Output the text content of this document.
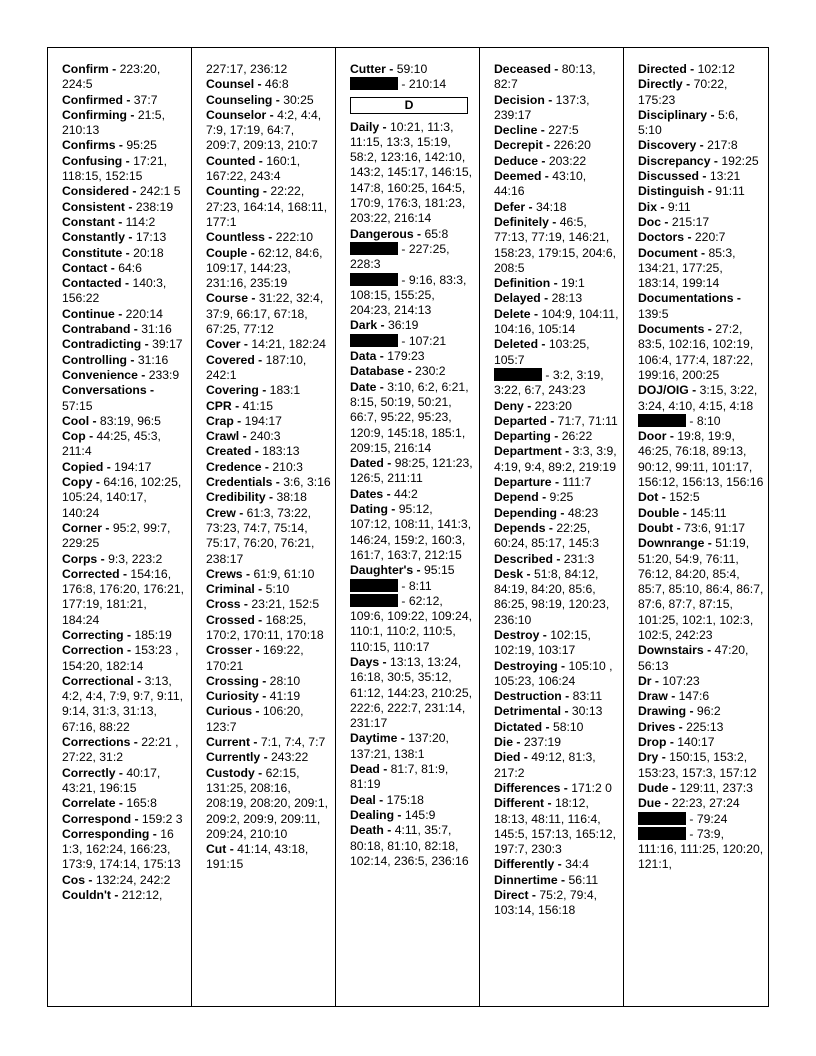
Confirm - 223:20, 224:5
Confirmed - 37:7
Confirming - 21:5, 210:13
Confirms - 95:25
Confusing - 17:21, 118:15, 152:15
Considered - 242:1 5
Consistent - 238:19
Constant - 114:2
Constantly - 17:13
Constitute - 20:18
Contact - 64:6
Contacted - 140:3, 156:22
Continue - 220:14
Contraband - 31:16
Contradicting - 39:17
Controlling - 31:16
Convenience - 233:9
Conversations - 57:15
Cool - 83:19, 96:5
Cop - 44:25, 45:3, 211:4
Copied - 194:17
Copy - 64:16, 102:25, 105:24, 140:17, 140:24
Corner - 95:2, 99:7, 229:25
Corps - 9:3, 223:2
Corrected - 154:16, 176:8, 176:20, 176:21, 177:19, 181:21, 184:24
Correcting - 185:19
Correction - 153:23 , 154:20, 182:14
Correctional - 3:13, 4:2, 4:4, 7:9, 9:7, 9:11, 9:14, 31:3, 31:13, 67:16, 88:22
Corrections - 22:21 , 27:22, 31:2
Correctly - 40:17, 43:21, 196:15
Correlate - 165:8
Correspond - 159:2 3
Corresponding - 16 1:3, 162:24, 166:23, 173:9, 174:14, 175:13
Cos - 132:24, 242:2
Couldn't - 212:12,
227:17, 236:12
Counsel - 46:8
Counseling - 30:25
Counselor - 4:2, 4:4, 7:9, 17:19, 64:7, 209:7, 209:13, 210:7
Counted - 160:1, 167:22, 243:4
Counting - 22:22, 27:23, 164:14, 168:11, 177:1
Countless - 222:10
Couple - 62:12, 84:6, 109:17, 144:23, 231:16, 235:19
Course - 31:22, 32:4, 37:9, 66:17, 67:18, 67:25, 77:12
Cover - 14:21, 182:24
Covered - 187:10, 242:1
Covering - 183:1
CPR - 41:15
Crap - 194:17
Crawl - 240:3
Created - 183:13
Credence - 210:3
Credentials - 3:6, 3:16
Credibility - 38:18
Crew - 61:3, 73:22, 73:23, 74:7, 75:14, 75:17, 76:20, 76:21, 238:17
Crews - 61:9, 61:10
Criminal - 5:10
Cross - 23:21, 152:5
Crossed - 168:25, 170:2, 170:11, 170:18
Crosser - 169:22, 170:21
Crossing - 28:10
Curiosity - 41:19
Curious - 106:20, 123:7
Current - 7:1, 7:4, 7:7
Currently - 243:22
Custody - 62:15, 131:25, 208:16, 208:19, 208:20, 209:1, 209:2, 209:9, 209:11, 209:24, 210:10
Cut - 41:14, 43:18, 191:15
Cutter - 59:10
- 210:14
D
Daily - 10:21, 11:3, 11:15, 13:3, 15:19, 58:2, 123:16, 142:10, 143:2, 145:17, 146:15, 147:8, 160:25, 164:5, 170:9, 176:3, 181:23, 203:22, 216:14
Dangerous - 65:8
- 227:25, 228:3
- 9:16, 83:3, 108:15, 155:25, 204:23, 214:13
Dark - 36:19
- 107:21
Data - 179:23
Database - 230:2
Date - 3:10, 6:2, 6:21, 8:15, 50:19, 50:21, 66:7, 95:22, 95:23, 120:9, 145:18, 185:1, 209:15, 216:14
Dated - 98:25, 121:23, 126:5, 211:11
Dates - 44:2
Dating - 95:12, 107:12, 108:11, 141:3, 146:24, 159:2, 160:3, 161:7, 163:7, 212:15
Daughter's - 95:15
- 8:11
- 62:12, 109:6, 109:22, 109:24, 110:1, 110:2, 110:5, 110:15, 110:17
Days - 13:13, 13:24, 16:18, 30:5, 35:12, 61:12, 144:23, 210:25, 222:6, 222:7, 231:14, 231:17
Daytime - 137:20, 137:21, 138:1
Dead - 81:7, 81:9, 81:19
Deal - 175:18
Dealing - 145:9
Death - 4:11, 35:7, 80:18, 81:10, 82:18, 102:14, 236:5, 236:16
Deceased - 80:13, 82:7
Decision - 137:3, 239:17
Decline - 227:5
Decrepit - 226:20
Deduce - 203:22
Deemed - 43:10, 44:16
Defer - 34:18
Definitely - 46:5, 77:13, 77:19, 146:21, 158:23, 179:15, 204:6, 208:5
Definition - 19:1
Delayed - 28:13
Delete - 104:9, 104:11, 104:16, 105:14
Deleted - 103:25, 105:7
- 3:2, 3:19, 3:22, 6:7, 243:23
Deny - 223:20
Departed - 71:7, 71:11
Departing - 26:22
Department - 3:3, 3:9, 4:19, 9:4, 89:2, 219:19
Departure - 111:7
Depend - 9:25
Depending - 48:23
Depends - 22:25, 60:24, 85:17, 145:3
Described - 231:3
Desk - 51:8, 84:12, 84:19, 84:20, 85:6, 86:25, 98:19, 120:23, 236:10
Destroy - 102:15, 102:19, 103:17
Destroying - 105:10 , 105:23, 106:24
Destruction - 83:11
Detrimental - 30:13
Dictated - 58:10
Die - 237:19
Died - 49:12, 81:3, 217:2
Differences - 171:2 0
Different - 18:12, 18:13, 48:11, 116:4, 145:5, 157:13, 165:12, 197:7, 230:3
Differently - 34:4
Dinnertime - 56:11
Direct - 75:2, 79:4, 103:14, 156:18
Directed - 102:12
Directly - 70:22, 175:23
Disciplinary - 5:6, 5:10
Discovery - 217:8
Discrepancy - 192:25
Discussed - 13:21
Distinguish - 91:11
Dix - 9:11
Doc - 215:17
Doctors - 220:7
Document - 85:3, 134:21, 177:25, 183:14, 199:14
Documentations - 139:5
Documents - 27:2, 83:5, 102:16, 102:19, 106:4, 177:4, 187:22, 199:16, 200:25
DOJ/OIG - 3:15, 3:22, 3:24, 4:10, 4:15, 4:18
- 8:10
Door - 19:8, 19:9, 46:25, 76:18, 89:13, 90:12, 99:11, 101:17, 156:12, 156:13, 156:16
Dot - 152:5
Double - 145:11
Doubt - 73:6, 91:17
Downrange - 51:19, 51:20, 54:9, 76:11, 76:12, 84:20, 85:4, 85:7, 85:10, 86:4, 86:7, 87:6, 87:7, 87:15, 101:25, 102:1, 102:3, 102:5, 242:23
Downstairs - 47:20, 56:13
Dr - 107:23
Draw - 147:6
Drawing - 96:2
Drives - 225:13
Drop - 140:17
Dry - 150:15, 153:2, 153:23, 157:3, 157:12
Dude - 129:11, 237:3
Due - 22:23, 27:24
- 79:24
- 73:9, 111:16, 111:25, 120:20, 121:1,
